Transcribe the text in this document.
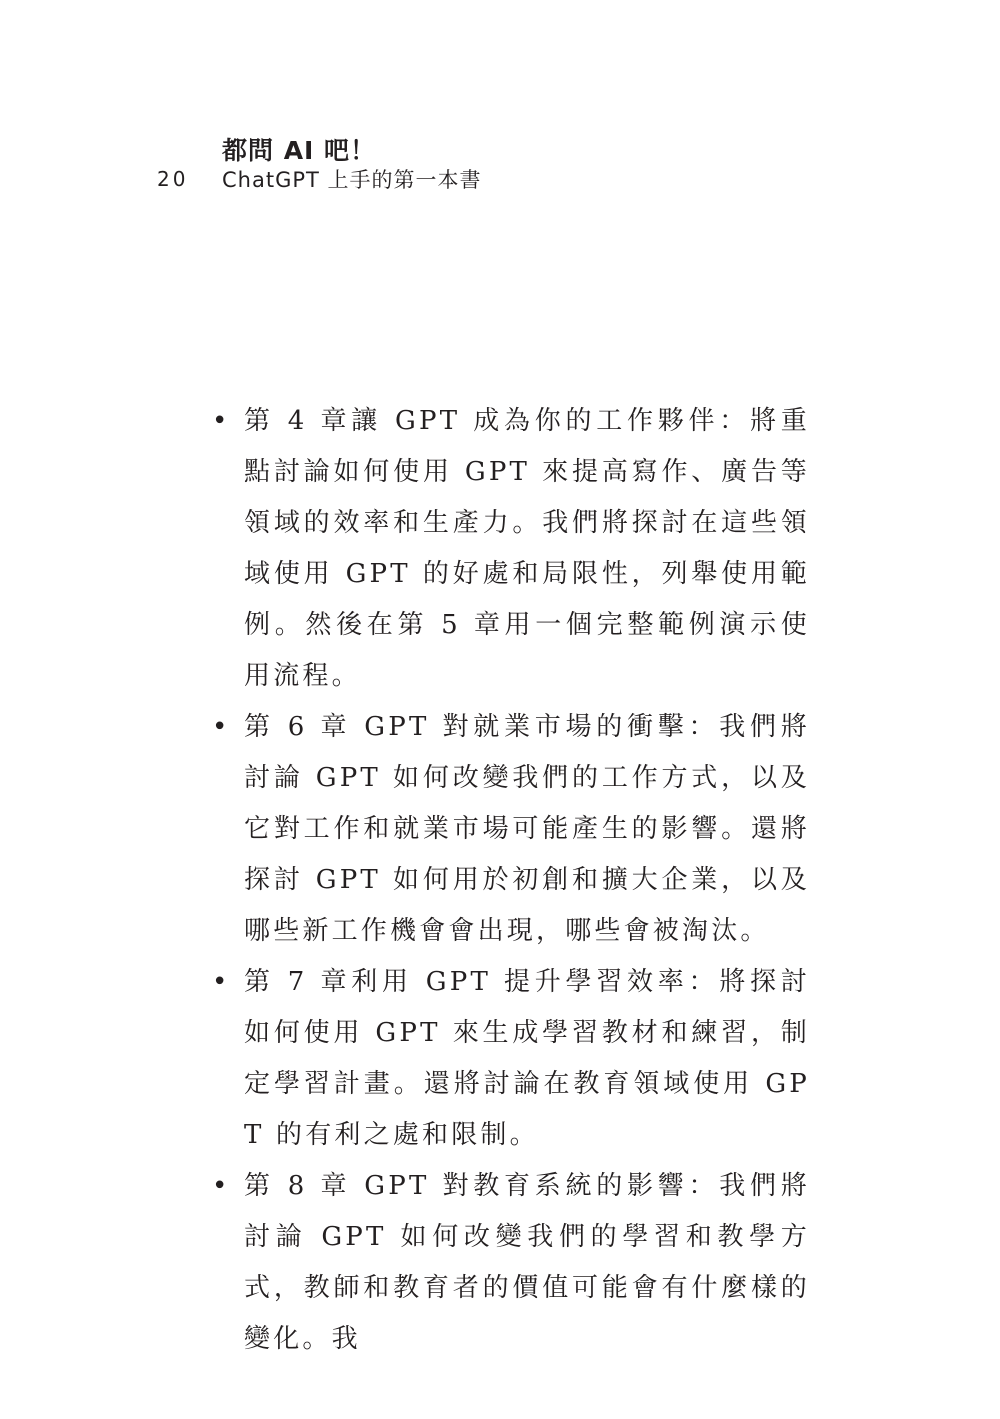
都問 AI 吧！
20 ChatGPT 上手的第一本書
• 第 4 章讓 GPT 成為你的工作夥伴：將重點討論如何使用 GPT 來提高寫作、廣告等領域的效率和生產力。我們將探討在這些領域使用 GPT 的好處和局限性，列舉使用範例。然後在第 5 章用一個完整範例演示使用流程。
• 第 6 章 GPT 對就業市場的衝擊：我們將討論 GPT 如何改變我們的工作方式，以及它對工作和就業市場可能產生的影響。還將探討 GPT 如何用於初創和擴大企業，以及哪些新工作機會會出現，哪些會被淘汰。
• 第 7 章利用 GPT 提升學習效率：將探討如何使用 GPT 來生成學習教材和練習，制定學習計畫。還將討論在教育領域使用 GPT 的有利之處和限制。
• 第 8 章 GPT 對教育系統的影響：我們將討論 GPT 如何改變我們的學習和教學方式，教師和教育者的價值可能會有什麼樣的變化。我
